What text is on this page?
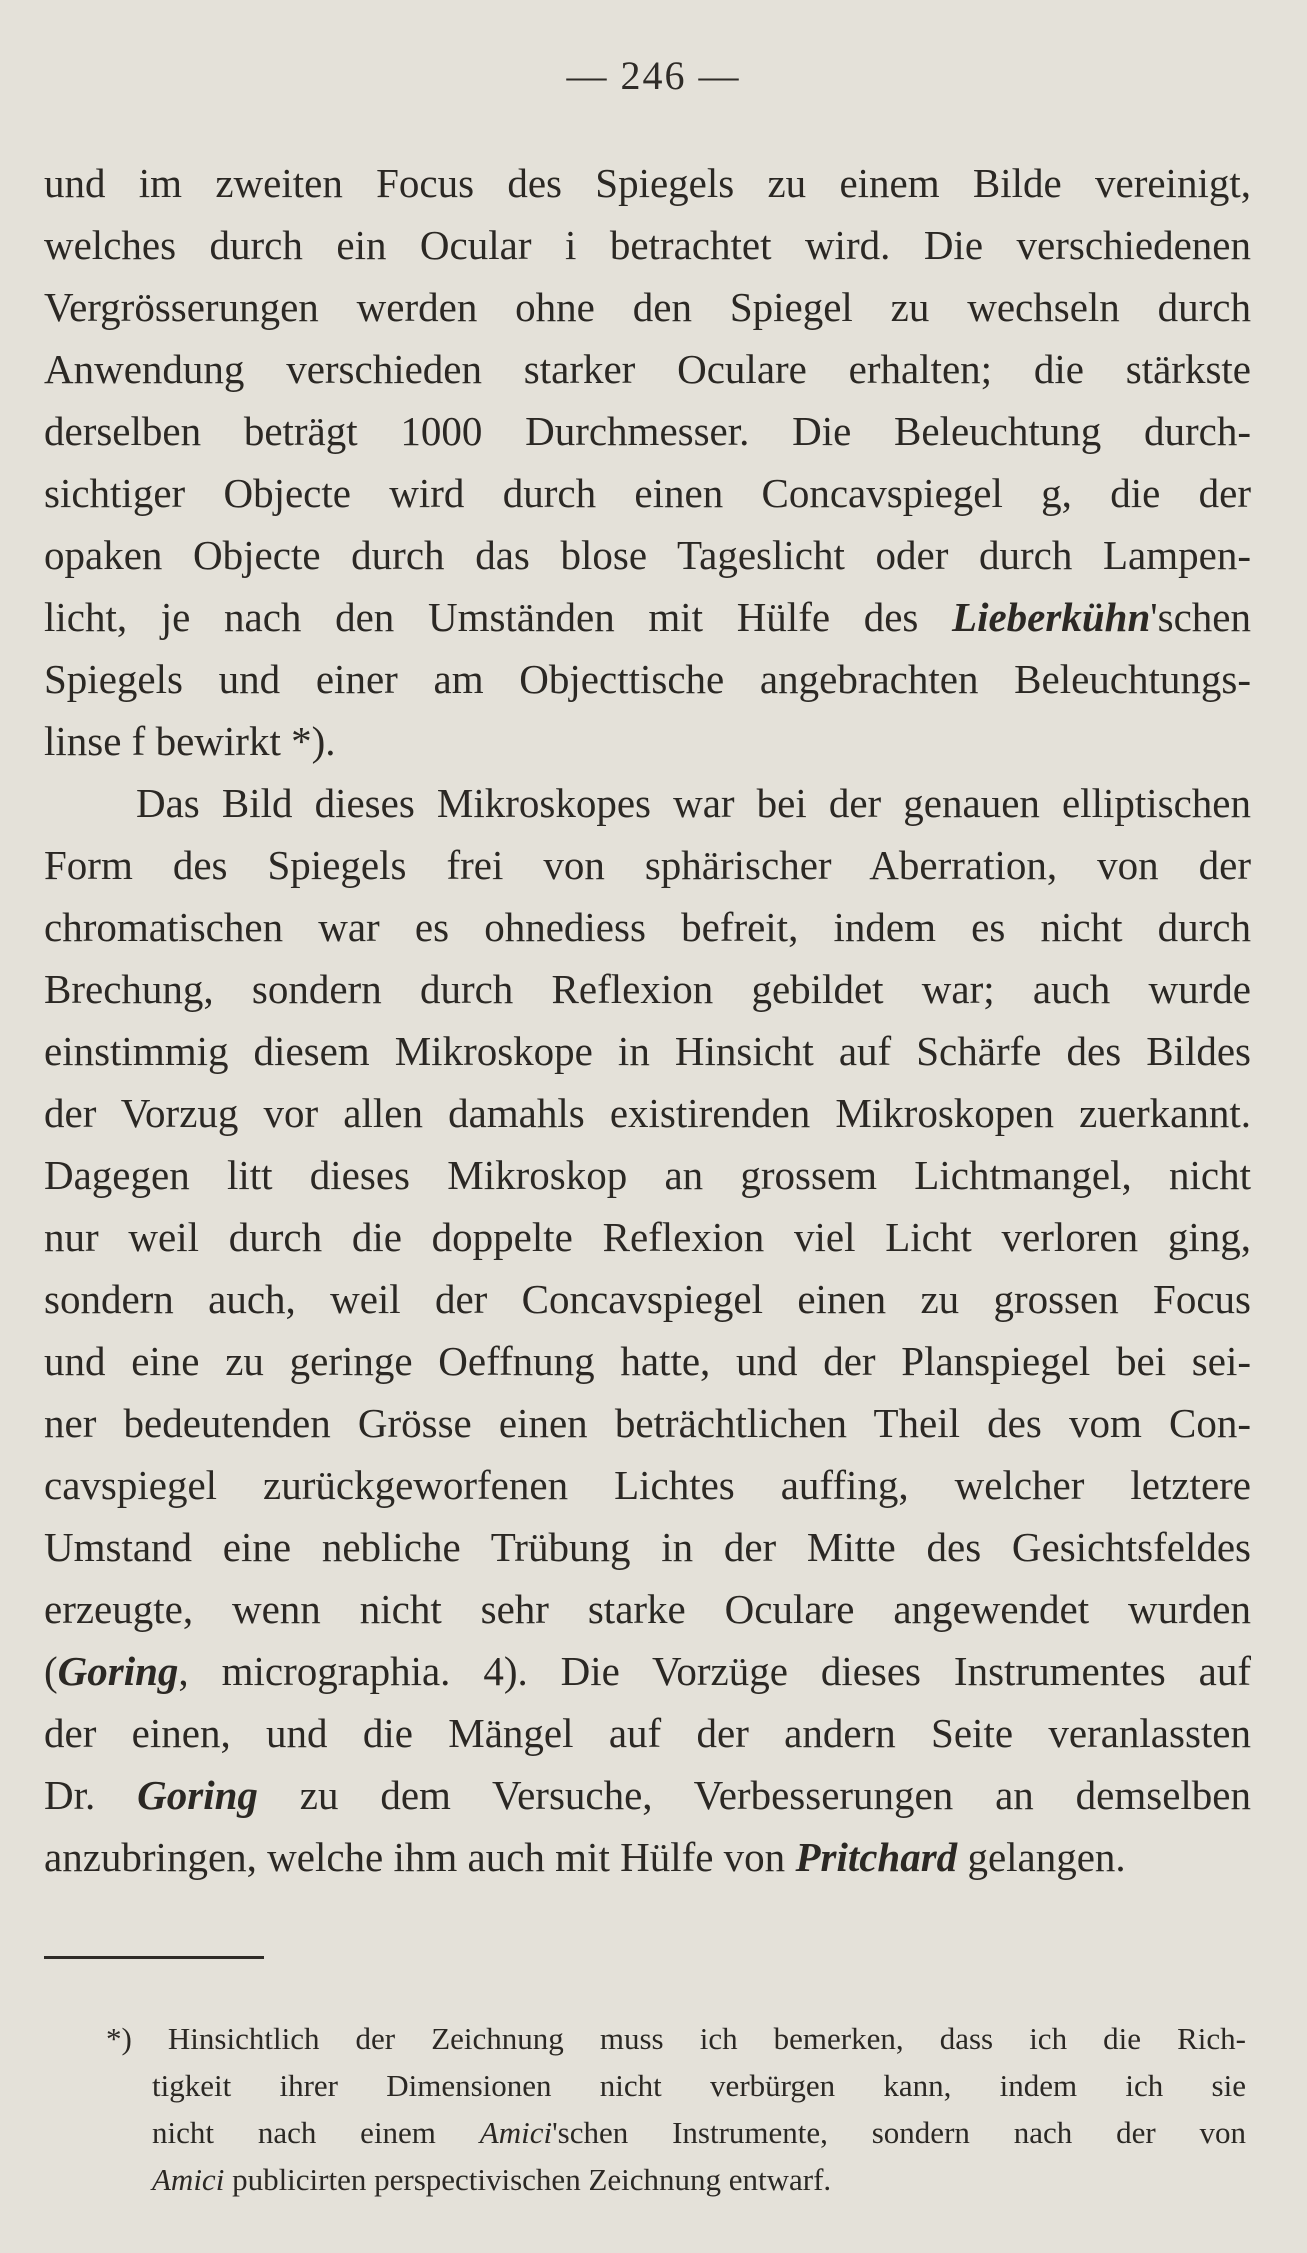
— 246 —
und im zweiten Focus des Spiegels zu einem Bilde vereinigt,
welches durch ein Ocular i betrachtet wird. Die verschiedenen
Vergrösserungen werden ohne den Spiegel zu wechseln durch
Anwendung verschieden starker Oculare erhalten; die stärkste
derselben beträgt 1000 Durchmesser. Die Beleuchtung durch-
sichtiger Objecte wird durch einen Concavspiegel g, die der
opaken Objecte durch das blose Tageslicht oder durch Lampen-
licht, je nach den Umständen mit Hülfe des Lieberkühn'schen
Spiegels und einer am Objecttische angebrachten Beleuchtungs-
linse f bewirkt *).
Das Bild dieses Mikroskopes war bei der genauen elliptischen
Form des Spiegels frei von sphärischer Aberration, von der
chromatischen war es ohnediess befreit, indem es nicht durch
Brechung, sondern durch Reflexion gebildet war; auch wurde
einstimmig diesem Mikroskope in Hinsicht auf Schärfe des Bildes
der Vorzug vor allen damahls existirenden Mikroskopen zuerkannt.
Dagegen litt dieses Mikroskop an grossem Lichtmangel, nicht
nur weil durch die doppelte Reflexion viel Licht verloren ging,
sondern auch, weil der Concavspiegel einen zu grossen Focus
und eine zu geringe Oeffnung hatte, und der Planspiegel bei sei-
ner bedeutenden Grösse einen beträchtlichen Theil des vom Con-
cavspiegel zurückgeworfenen Lichtes auffing, welcher letztere
Umstand eine nebliche Trübung in der Mitte des Gesichtsfeldes
erzeugte, wenn nicht sehr starke Oculare angewendet wurden
(Goring, micrographia. 4). Die Vorzüge dieses Instrumentes auf
der einen, und die Mängel auf der andern Seite veranlassten
Dr. Goring zu dem Versuche, Verbesserungen an demselben
anzubringen, welche ihm auch mit Hülfe von Pritchard gelangen.
*) Hinsichtlich der Zeichnung muss ich bemerken, dass ich die Rich-
tigkeit ihrer Dimensionen nicht verbürgen kann, indem ich sie
nicht nach einem Amici'schen Instrumente, sondern nach der von
Amici publicirten perspectivischen Zeichnung entwarf.
